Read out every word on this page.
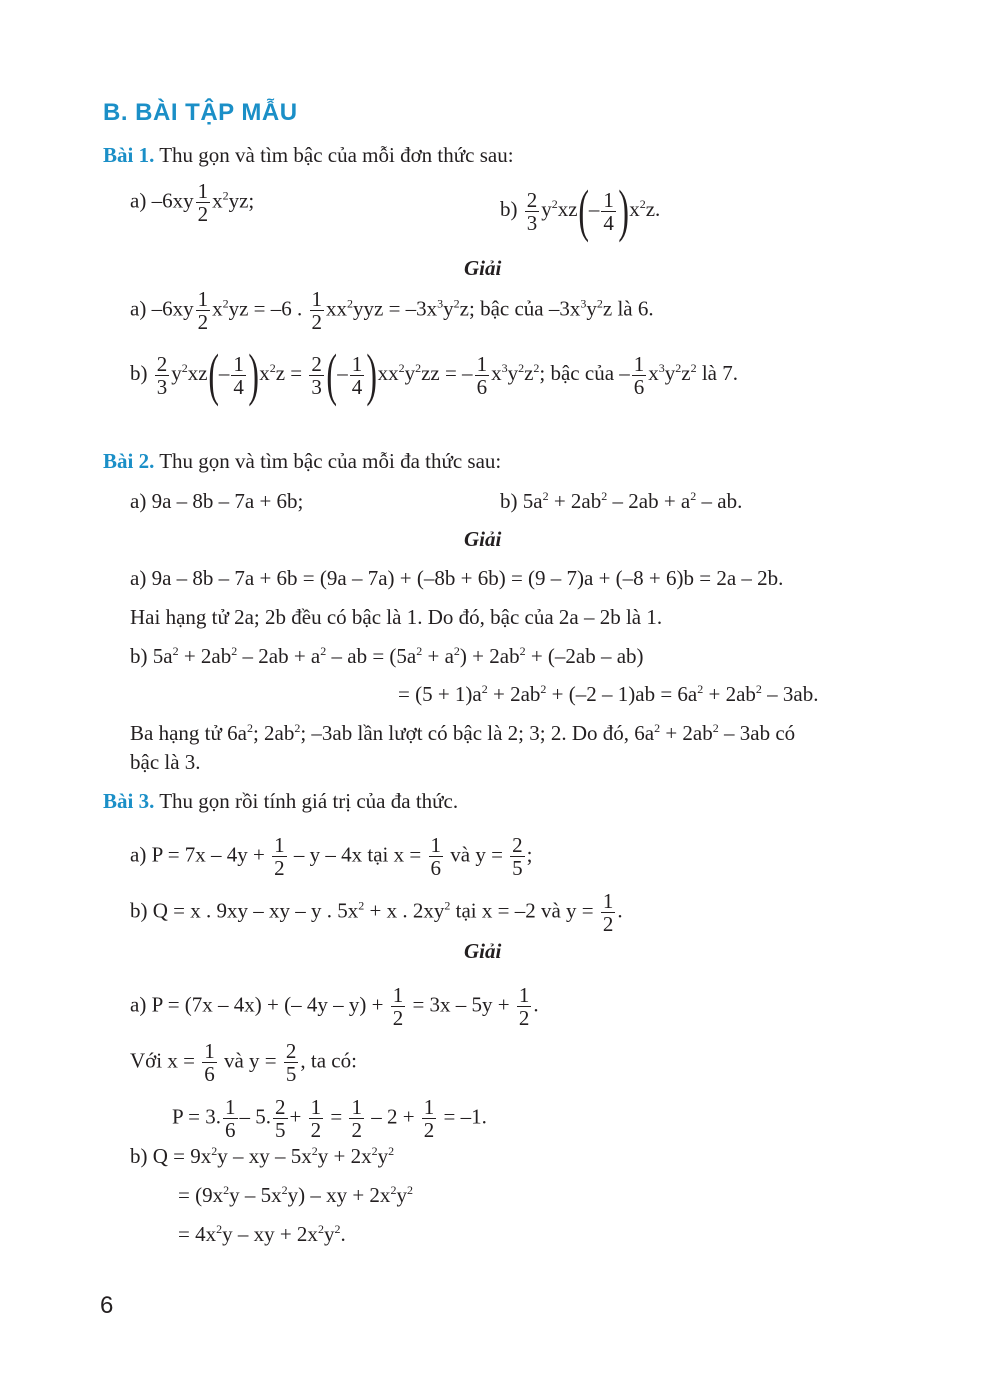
B. BÀI TẬP MẪU
Bài 1. Thu gọn và tìm bậc của mỗi đơn thức sau:
a) $-6xy \frac{1}{2} x^2yz$;	$b) \frac{2}{3} y^2xz(- \frac{1}{4} )x^2z$.
Giải
a) $-6xy \frac{1}{2} x^2yz = -6$ . $\frac{1}{2} xx^2yyz = -3x^3y^2z$; bậc của $-3x^3y^2z$ là 6.
$b) \frac{2}{3} y^2xz(- \frac{1}{4} )x^2z = \frac{2}{3}$ (– $\frac{1}{4} )xx^2y^2zz$ = – $\frac{1}{6} x^3y^2z^2$; bậc của – $\frac{1}{6} x^3y^2z^2$ là 7.
Bài 2. Thu gọn và tìm bậc của mỗi đa thức sau:
a) 9a – 8b – 7a + 6b;	b) $5a^2 + 2ab^2 - 2ab + a^2$ – ab.
Giải
a) 9a – 8b – 7a + 6b = (9a – 7a) + (–8b + 6b) = (9 – 7)a + (–8 + 6)b = 2a – 2b.
Hai hạng tử 2a; 2b đều có bậc là 1. Do đó, bậc của 2a – 2b là 1.
b) $5a^2 + 2ab^2 - 2ab + a^2$ – ab = $(5a^2 + a^2) + 2ab^2 + (-2ab - ab)$
= $(5 + 1)a^2 + 2ab^2 + (-2 - 1)ab = 6a^2 + 2ab^2 - 3ab$.
Ba hạng tử $6a^2$; $2ab^2$; –3ab lần lượt có bậc là 2; 3; 2. Do đó, $6a^2 + 2ab^2 - 3ab$ có
bậc là 3.
Bài 3. Thu gọn rồi tính giá trị của đa thức.
a) $P = 7x - 4y + \frac{1}{2} - y - 4x$ tại $x = \frac{1}{6}$ và $y = \frac{2}{5}$ ;
b) Q = x . 9xy – xy – y . $5x^2 + x$ . $2xy^2$ tại x = –2 và $y = \frac{1}{2}$ .
Giải
a) P = (7x – 4x) + (– $4y - y) + \frac{1}{2} = 3x - 5y + \frac{1}{2}$ .
Với $x = \frac{1}{6}$ và $y = \frac{2}{5}$ , ta có:
P = 3. $\frac{1}{6} - 5$. $\frac{2}{5} + \frac{1}{2} = \frac{1}{2} - 2 + \frac{1}{2} = -1$.
b) $Q = 9x^2y$ – xy – $5x^2y + 2x^2y^2$
= $(9x^2y - 5x^2y)$ – xy + $2x^2y^2$
= $4x^2y$ – xy + $2x^2y^2$.
6
